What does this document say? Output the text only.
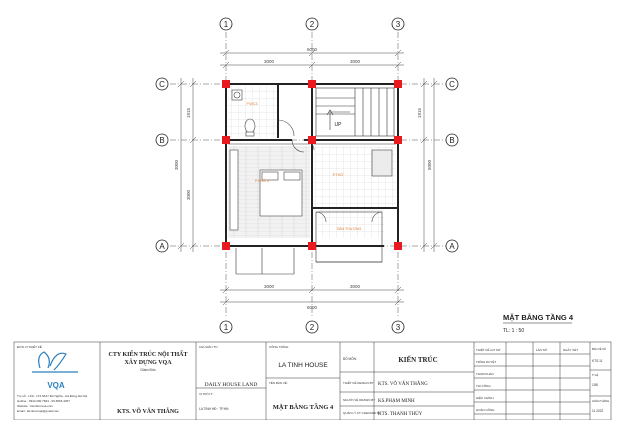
1	2	3
1	2	3
C
B
A
C
B
A
6000
3000	3000
3000	3000
6000
1915
3000
3000
1915
5000
P.WC3
P.NGỦ 5
P.THỜ
SÂN THƯỢNG
UP
MẶT BẰNG TẦNG 4
TL: 1 : 50
VQA
ĐƠN VỊ THIẾT KẾ
Trụ sở : LK9 - LT2 6&17 Đô Nghĩa - Hà Đông-Hà Nội
Hotline : 0344.290.7843 - 09.6666.4457
Website : kienttrucvoa.com
Email : kientrucvqa@gmail.com
CTY KIẾN TRÚC NỘI THẤT
XÂY DỰNG VQA
Giám Đốc
KTS. VÕ VĂN THẮNG
CHỦ ĐẦU TƯ
DAILY HOUSE LAND
VỊ TRÍ CT:
LA TINH HĐ · TP.HN
CÔNG TRÌNH:
LA TINH HOUSE
TÊN BẢN VẼ:
MẶT BẰNG TẦNG 4
BỘ MÔN:	KIẾN TRÚC
THIẾT KẾ DESIGN BY KTS. VÕ VĂN THẮNG
NGƯỜI VẼ DRAWN BY KS.PHẠM MINH
QUẢN LÝ KT CHECKED BY
KTS. THANH THỦY
THIẾT KẾ CƠ SỞ
TRÌNH DUYỆT
THAM KHẢO
THI CÔNG
HIỆU CHỈNH
HOÀN CÔNG
LẦN SỐ	NGÀY XÉT	BẢN VẼ SỐ
KTS.11
TỈ LỆ
1/50
HOÀN THÀNH
11.2022
